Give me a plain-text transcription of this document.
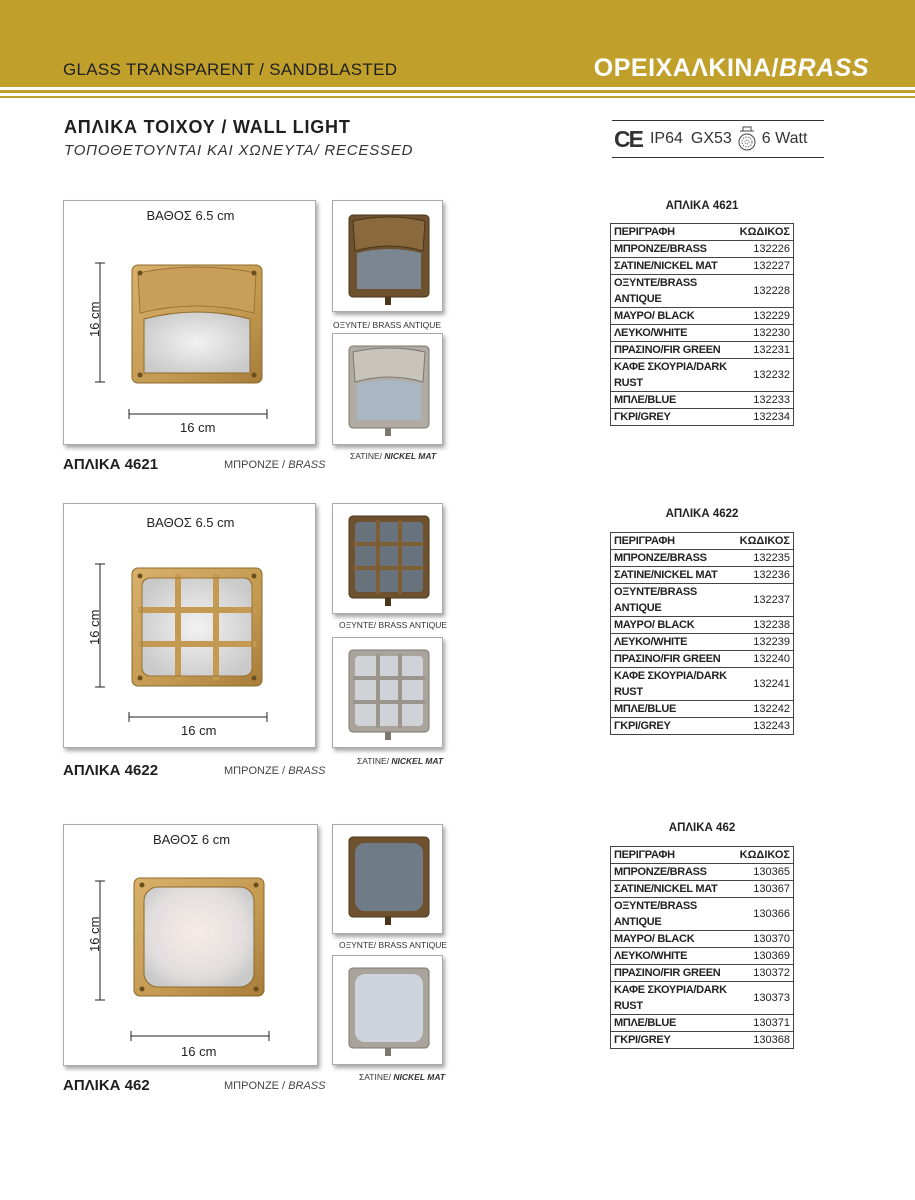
GLASS TRANSPARENT / SANDBLASTED	ΟΡΕΙΧΑΛΚΙΝΑ/BRASS
ΑΠΛΙΚΑ ΤΟΙΧΟΥ / WALL LIGHT
ΤΟΠΟΘΕΤΟΥΝΤΑΙ ΚΑΙ ΧΩΝΕΥΤΑ/ RECESSED	CE IP64 GX53 6 Watt
ΒΑΘΟΣ 6.5 cm
16 cm
16 cm
ΑΠΛΙΚΑ 4621	ΜΠΡΟΝΖΕ / BRASS
ΟΞΥΝΤΕ/ BRASS ANTIQUE
ΣΑΤΙΝΕ/ NICKEL MAT
ΑΠΛΙΚΑ 4621
ΠΕΡΙΓΡΑΦΗ	ΚΩΔΙΚΟΣ
ΜΠΡΟΝΖΕ/BRASS	132226
ΣΑΤΙΝΕ/NICKEL MAT	132227
ΟΞΥΝΤΕ/BRASS ANTIQUE	132228
ΜΑΥΡΟ/ BLACK	132229
ΛΕΥΚΟ/WHITE	132230
ΠΡΑΣΙΝΟ/FIR GREEN	132231
ΚΑΦΕ ΣΚΟΥΡΙΑ/DARK RUST	132232
ΜΠΛΕ/BLUE	132233
ΓΚΡΙ/GREY	132234
ΒΑΘΟΣ 6.5 cm
16 cm
16 cm
ΑΠΛΙΚΑ 4622	ΜΠΡΟΝΖΕ / BRASS
ΟΞΥΝΤΕ/ BRASS ANTIQUE
ΣΑΤΙΝΕ/ NICKEL MAT
ΑΠΛΙΚΑ 4622
ΠΕΡΙΓΡΑΦΗ	ΚΩΔΙΚΟΣ
ΜΠΡΟΝΖΕ/BRASS	132235
ΣΑΤΙΝΕ/NICKEL MAT	132236
ΟΞΥΝΤΕ/BRASS ANTIQUE	132237
ΜΑΥΡΟ/ BLACK	132238
ΛΕΥΚΟ/WHITE	132239
ΠΡΑΣΙΝΟ/FIR GREEN	132240
ΚΑΦΕ ΣΚΟΥΡΙΑ/DARK RUST	132241
ΜΠΛΕ/BLUE	132242
ΓΚΡΙ/GREY	132243
ΒΑΘΟΣ 6 cm
16 cm
16 cm
ΑΠΛΙΚΑ 462	ΜΠΡΟΝΖΕ / BRASS
ΟΞΥΝΤΕ/ BRASS ANTIQUE
ΣΑΤΙΝΕ/ NICKEL MAT
ΑΠΛΙΚΑ 462
ΠΕΡΙΓΡΑΦΗ	ΚΩΔΙΚΟΣ
ΜΠΡΟΝΖΕ/BRASS	130365
ΣΑΤΙΝΕ/NICKEL MAT	130367
ΟΞΥΝΤΕ/BRASS ANTIQUE	130366
ΜΑΥΡΟ/ BLACK	130370
ΛΕΥΚΟ/WHITE	130369
ΠΡΑΣΙΝΟ/FIR GREEN	130372
ΚΑΦΕ ΣΚΟΥΡΙΑ/DARK RUST	130373
ΜΠΛΕ/BLUE	130371
ΓΚΡΙ/GREY	130368
